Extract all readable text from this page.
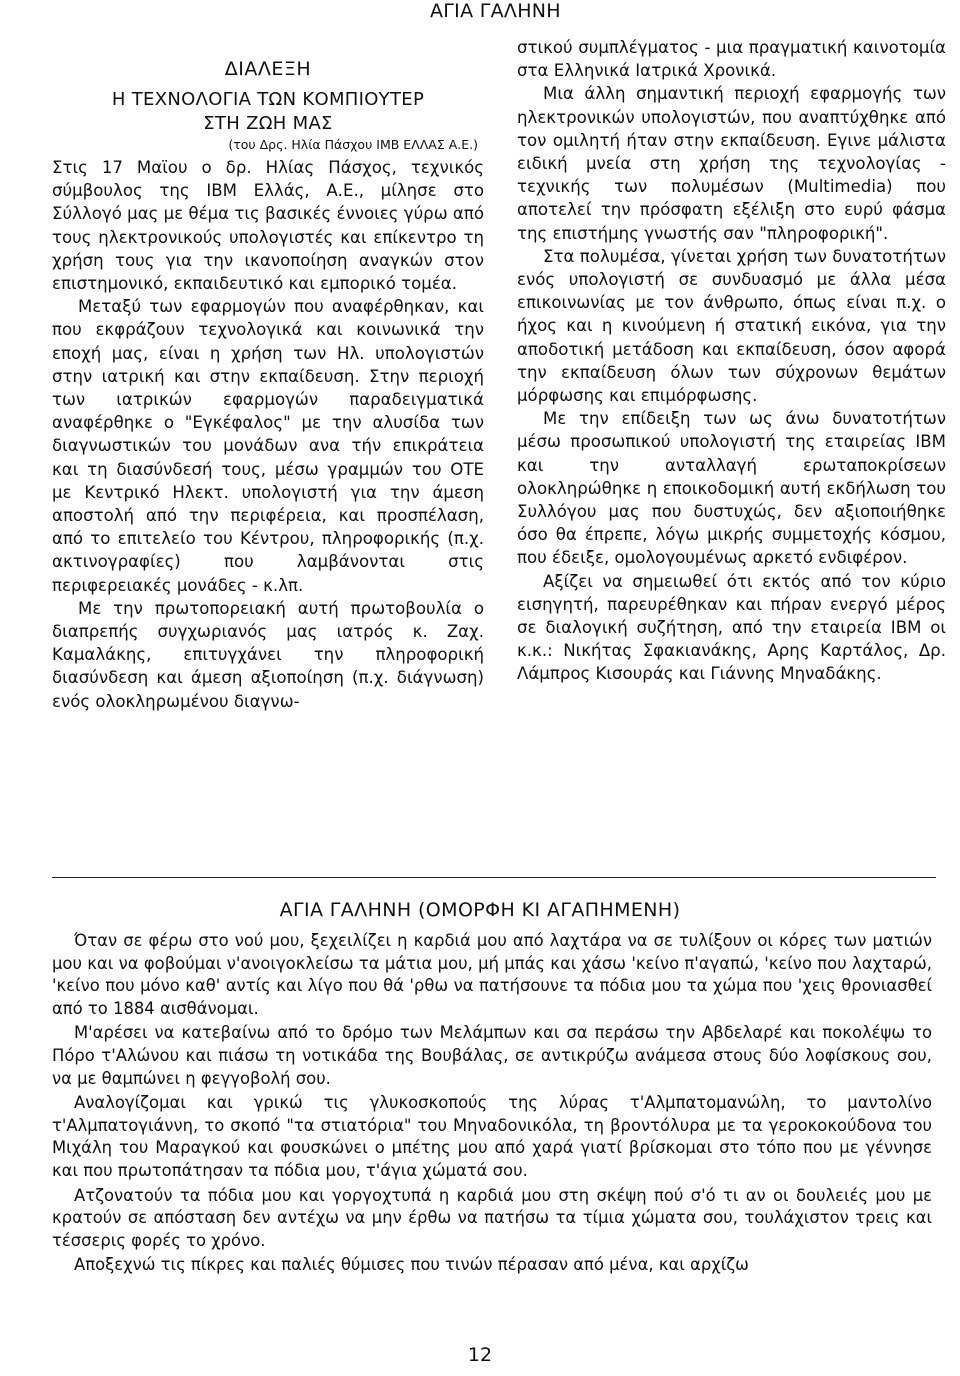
ΑΓΙΑ ΓΑΛΗΝΗ
ΔΙΑΛΕΞΗ
Η ΤΕΧΝΟΛΟΓΙΑ ΤΩΝ ΚΟΜΠΙΟΥΤΕΡ
ΣΤΗ ΖΩΗ ΜΑΣ
(του Δρς. Ηλία Πάσχου ΙΜΒ ΕΛΛΑΣ Α.Ε.)

Στις 17 Μαϊου ο δρ. Ηλίας Πάσχος, τεχνικός σύμβουλος της ΙΒΜ Ελλάς, Α.Ε., μίλησε στο Σύλλογό μας με θέμα τις βασικές έννοιες γύρω από τους ηλεκτρονικούς υπολογιστές και επίκεντρο τη χρήση τους για την ικανοποίηση αναγκών στον επιστημονικό, εκπαιδευτικό και εμπορικό τομέα.

Μεταξύ των εφαρμογών που αναφέρθηκαν, και που εκφράζουν τεχνολογικά και κοινωνικά την εποχή μας, είναι η χρήση των Ηλ. υπολογιστών στην ιατρική και στην εκπαίδευση. Στην περιοχή των ιατρικών εφαρμογών παραδειγματικά αναφέρθηκε ο "Εγκέφαλος" με την αλυσίδα των διαγνωστικών του μονάδων ανα τήν επικράτεια και τη διασύνδεσή τους, μέσω γραμμών του ΟΤΕ με Κεντρικό Ηλεκτ. υπολογιστή για την άμεση αποστολή από την περιφέρεια, και προσπέλαση, από το επιτελείο του Κέντρου, πληροφορικής (π.χ. ακτινογραφίες) που λαμβάνονται στις περιφερειακές μονάδες - κ.λπ.

Με την πρωτοπορειακή αυτή πρωτοβουλία ο διαπρεπής συγχωριανός μας ιατρός κ. Ζαχ. Καμαλάκης, επιτυγχάνει την πληροφορική διασύνδεση και άμεση αξιοποίηση (π.χ. διάγνωση) ενός ολοκληρωμένου διαγνω-

στικού συμπλέγματος - μια πραγματική καινοτομία στα Ελληνικά Ιατρικά Χρονικά.

Μια άλλη σημαντική περιοχή εφαρμογής των ηλεκτρονικών υπολογιστών, που αναπτύχθηκε από τον ομιλητή ήταν στην εκπαίδευση. Εγινε μάλιστα ειδική μνεία στη χρήση της τεχνολογίας - τεχνικής των πολυμέσων (Multimedia) που αποτελεί την πρόσφατη εξέλιξη στο ευρύ φάσμα της επιστήμης γνωστής σαν "πληροφορική".

Στα πολυμέσα, γίνεται χρήση των δυνατοτήτων ενός υπολογιστή σε συνδυασμό με άλλα μέσα επικοινωνίας με τον άνθρωπο, όπως είναι π.χ. ο ήχος και η κινούμενη ή στατική εικόνα, για την αποδοτική μετάδοση και εκπαίδευση, όσον αφορά την εκπαίδευση όλων των σύχρονων θεμάτων μόρφωσης και επιμόρφωσης.

Με την επίδειξη των ως άνω δυνατοτήτων μέσω προσωπικού υπολογιστή της εταιρείας ΙΒΜ και την ανταλλαγή ερωταποκρίσεων ολοκληρώθηκε η εποικοδομική αυτή εκδήλωση του Συλλόγου μας που δυστυχώς, δεν αξιοποιήθηκε όσο θα έπρεπε, λόγω μικρής συμμετοχής κόσμου, που έδειξε, ομολογουμένως αρκετό ενδιφέρον.

Αξίζει να σημειωθεί ότι εκτός από τον κύριο εισηγητή, παρευρέθηκαν και πήραν ενεργό μέρος σε διαλογική συζήτηση, από την εταιρεία ΙΒΜ οι κ.κ.: Νικήτας Σφακιανάκης, Αρης Καρτάλος, Δρ. Λάμπρος Κισουράς και Γιάννης Μηναδάκης.

ΑΓΙΑ ΓΑΛΗΝΗ (ΟΜΟΡΦΗ ΚΙ ΑΓΑΠΗΜΕΝΗ)

Όταν σε φέρω στο νού μου, ξεχειλίζει η καρδιά μου από λαχτάρα να σε τυλίξουν οι κόρες των ματιών μου και να φοβούμαι ν'ανοιγοκλείσω τα μάτια μου, μή μπάς και χάσω 'κείνο π'αγαπώ, 'κείνο που λαχταρώ, 'κείνο που μόνο καθ' αντίς και λίγο που θά 'ρθω να πατήσουνε τα πόδια μου τα χώμα που 'χεις θρονιασθεί από το 1884 αισθάνομαι.

Μ'αρέσει να κατεβαίνω από το δρόμο των Μελάμπων και σα περάσω την Αβδελαρέ και ποκολέψω το Πόρο τ'Αλώνου και πιάσω τη νοτικάδα της Βουβάλας, σε αντικρύζω ανάμεσα στους δύο λοφίσκους σου, να με θαμπώνει η φεγγοβολή σου.

Αναλογίζομαι και γρικώ τις γλυκοσκοπούς της λύρας τ'Αλμπατομανώλη, το μαντολίνο τ'Αλμπατογιάννη, το σκοπό "τα στιατόρια" του Μηναδονικόλα, τη βροντόλυρα με τα γεροκοκούδονα του Μιχάλη του Μαραγκού και φουσκώνει ο μπέτης μου από χαρά γιατί βρίσκομαι στο τόπο που με γέννησε και που πρωτοπάτησαν τα πόδια μου, τ'άγια χώματά σου.

Ατζονατούν τα πόδια μου και γοργοχτυπά η καρδιά μου στη σκέψη πού σ'ό τι αν οι δουλειές μου με κρατούν σε απόσταση δεν αντέχω να μην έρθω να πατήσω τα τίμια χώματα σου, τουλάχιστον τρεις και τέσσερις φορές το χρόνο.

Αποξεχνώ τις πίκρες και παλιές θύμισες που τινών πέρασαν από μένα, και αρχίζω

12
